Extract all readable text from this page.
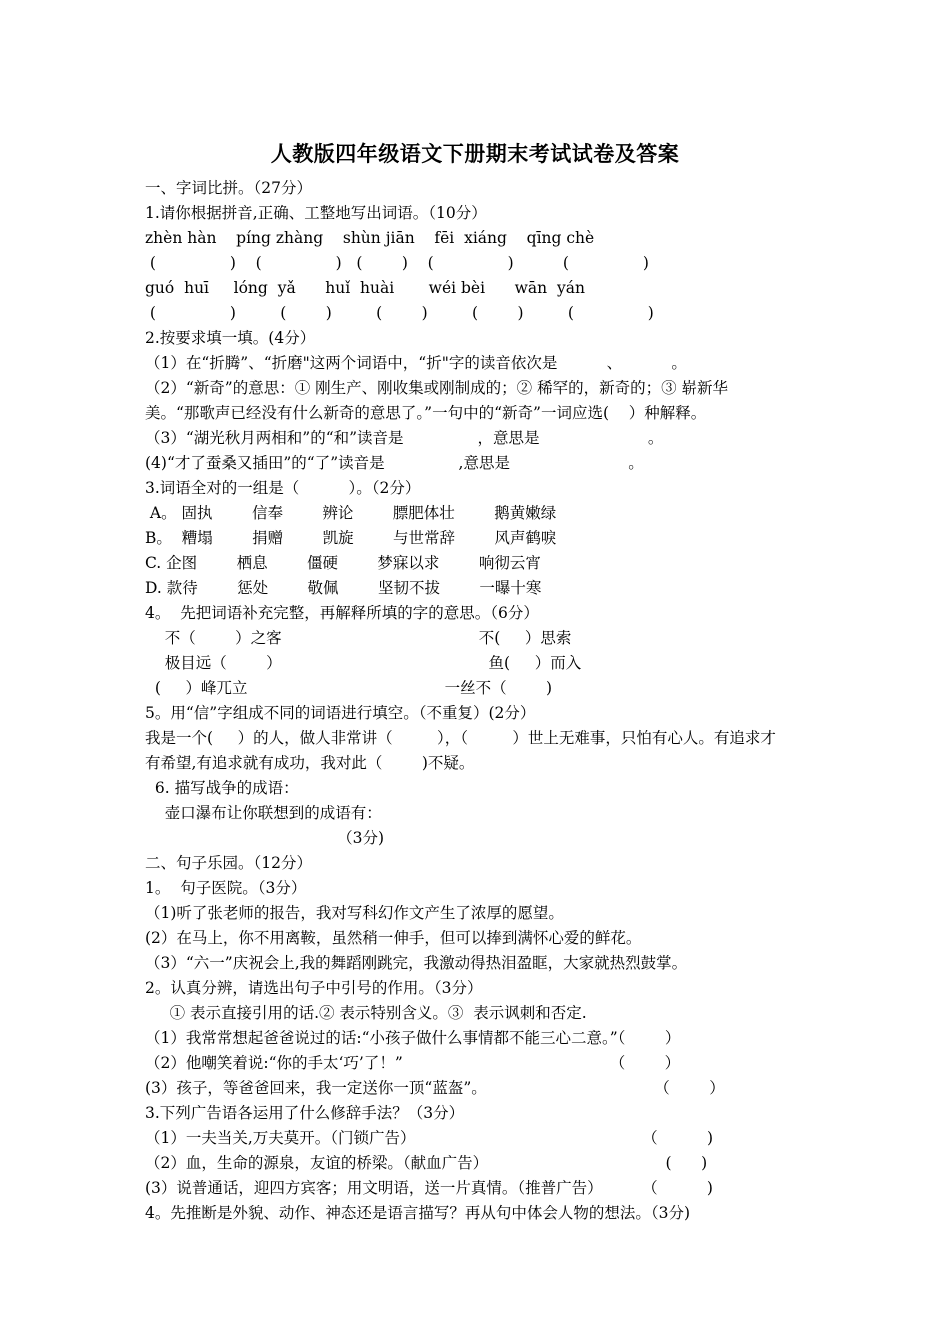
人教版四年级语文下册期末考试试卷及答案
一、字词比拼。（27分）
1.请你根据拼音,正确、工整地写出词语。（10分）
zhèn hàn    píng zhàng    shùn jiān    fēi  xiáng    qīng chè
(               )    (               )   (        )    (               )          (               )
guó  huī     lóng  yǎ      huǐ  huài       wéi bèi      wān  yán
(               )         (        )         (        )         (        )         (               )
2.按要求填一填。(4分）
（1）在“折腾”、“折磨"这两个词语中，“折"字的读音依次是          、          。
（2）“新奇”的意思：① 刚生产、刚收集或刚制成的；② 稀罕的，新奇的；③ 崭新华
美。“那歌声已经没有什么新奇的意思了。”一句中的“新奇”一词应选(    ）种解释。
（3）“湖光秋月两相和”的“和”读音是               ，意思是                      。
(4)“才了蚕桑又插田”的“了”读音是               ,意思是                        。
3.词语全对的一组是（          ）。（2分）
A。 固执        信奉        辨论        膘肥体壮        鹅黄嫩绿
B。  糟塌        捐赠        凯旋        与世常辞        风声鹤唳
C. 企图        栖息        僵硬        梦寐以求        响彻云宵
D. 款待        惩处        敬佩        坚韧不拔        一曝十寒
4。  先把词语补充完整，再解释所填的字的意思。（6分）
不（        ）之客                                        不(     ）思索
极目远（        ）                                          鱼(     ）而入
(     ）峰兀立                                        一丝不（        )
5。用“信”字组成不同的词语进行填空。（不重复）(2分）
我是一个(     ）的人，做人非常讲（         ），（         ）世上无难事，只怕有心人。有追求才
有希望,有追求就有成功，我对此（        )不疑。
6. 描写战争的成语：
壶口瀑布让你联想到的成语有：
（3分)
二、句子乐园。（12分）
1。  句子医院。（3分）
（1)听了张老师的报告，我对写科幻作文产生了浓厚的愿望。
(2）在马上，你不用离鞍，虽然稍一伸手，但可以捧到满怀心爱的鲜花。
（3）“六一”庆祝会上,我的舞蹈刚跳完，我激动得热泪盈眶，大家就热烈鼓掌。
2。认真分辨，请选出句子中引号的作用。（3分）
① 表示直接引用的话.② 表示特别含义。③  表示讽刺和否定.
（1）我常常想起爸爸说过的话:“小孩子做什么事情都不能三心二意。”（        ）
（2）他嘲笑着说:“你的手太‘巧’了！”                                          （        ）
(3）孩子，等爸爸回来，我一定送你一顶“蓝盔”。                                  （        ）
3.下列广告语各运用了什么修辞手法？（3分）
（1）一夫当关,万夫莫开。（门锁广告）                                              （          )
（2）血，生命的源泉，友谊的桥梁。（献血广告）                                    (      )
(3）说普通话，迎四方宾客；用文明语，送一片真情。（推普广告）        （          )
4。先推断是外貌、动作、神态还是语言描写？再从句中体会人物的想法。（3分)
